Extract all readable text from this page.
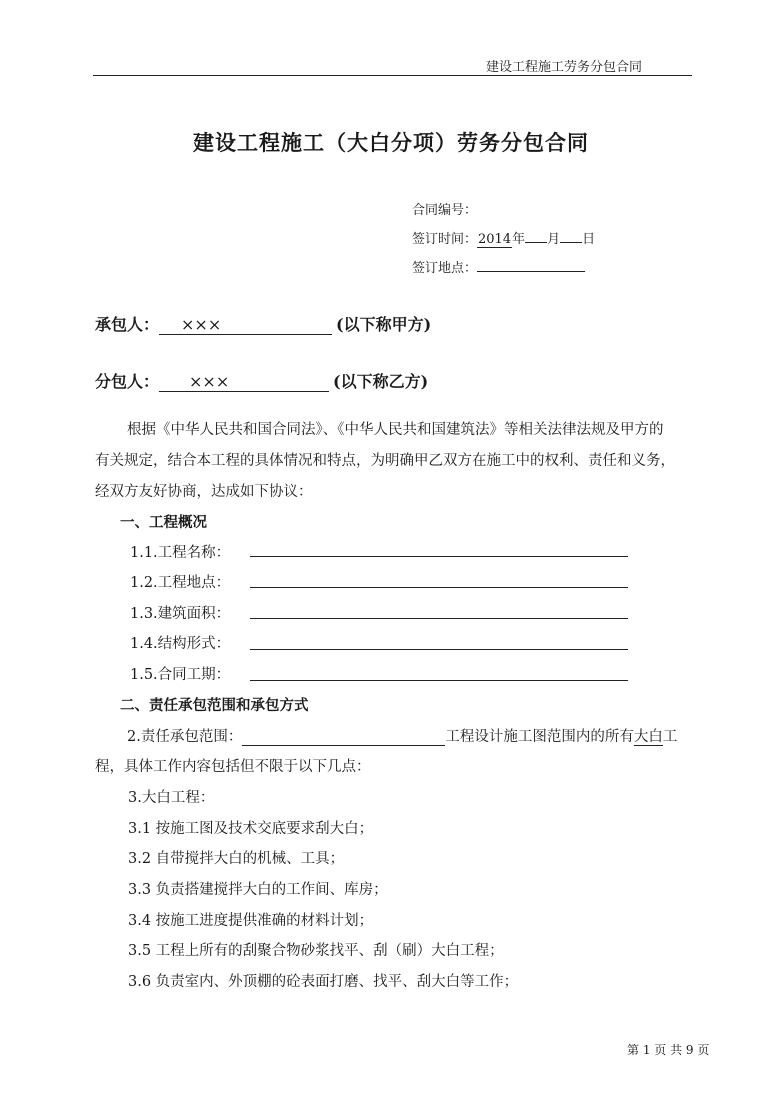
建设工程施工劳务分包合同
建设工程施工（大白分项）劳务分包合同
合同编号：
签订时间：2014年 月 日
签订地点：
承包人： ×××	(以下称甲方)
分包人： ×××	(以下称乙方)
根据《中华人民共和国合同法》、《中华人民共和国建筑法》等相关法律法规及甲方的
有关规定，结合本工程的具体情况和特点，为明确甲乙双方在施工中的权利、责任和义务，
经双方友好协商，达成如下协议：
一、工程概况
1.1.工程名称：
1.2.工程地点：
1.3.建筑面积：
1.4.结构形式：
1.5.合同工期：
二、责任承包范围和承包方式
2.责任承包范围：	工程设计施工图范围内的所有大白工
程，具体工作内容包括但不限于以下几点：
3.大白工程：
3.1 按施工图及技术交底要求刮大白；
3.2 自带搅拌大白的机械、工具；
3.3 负责搭建搅拌大白的工作间、库房；
3.4 按施工进度提供准确的材料计划；
3.5 工程上所有的刮聚合物砂浆找平、刮（刷）大白工程；
3.6 负责室内、外顶棚的砼表面打磨、找平、刮大白等工作；
第 1 页 共 9 页
